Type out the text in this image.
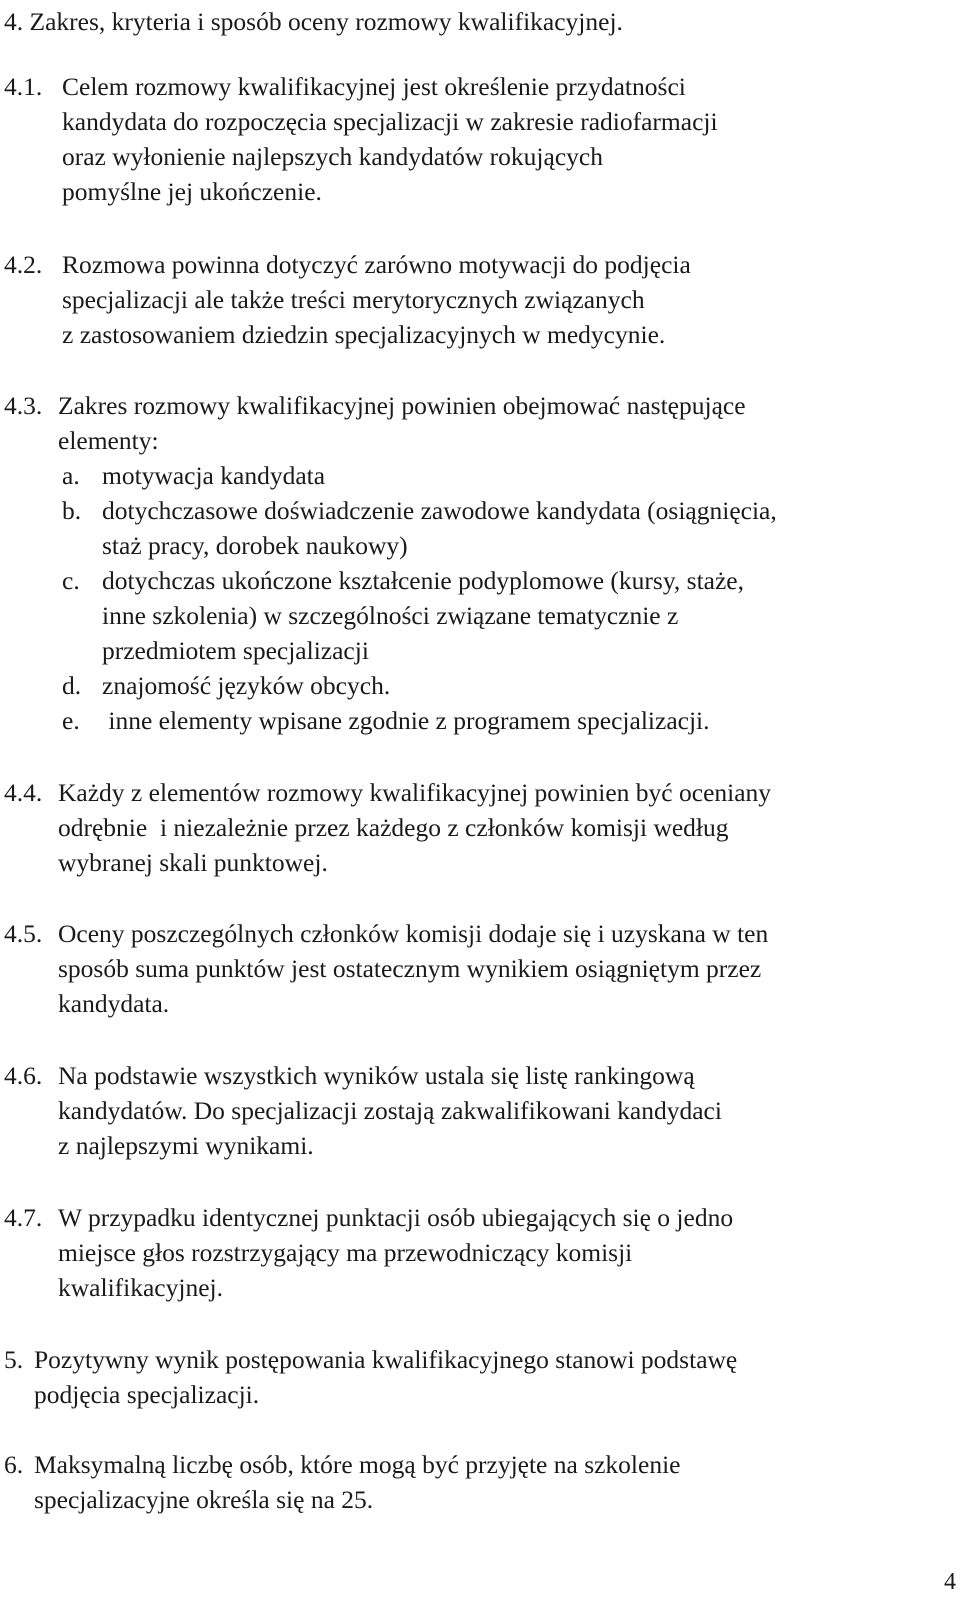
4. Zakres, kryteria i sposób oceny rozmowy kwalifikacyjnej.
4.1. Celem rozmowy kwalifikacyjnej jest określenie przydatności
kandydata do rozpoczęcia specjalizacji w zakresie radiofarmacji
oraz wyłonienie najlepszych kandydatów rokujących
pomyślne jej ukończenie.
4.2. Rozmowa powinna dotyczyć zarówno motywacji do podjęcia
specjalizacji ale także treści merytorycznych związanych
z zastosowaniem dziedzin specjalizacyjnych w medycynie.
4.3. Zakres rozmowy kwalifikacyjnej powinien obejmować następujące
elementy:
a. motywacja kandydata
b. dotychczasowe doświadczenie zawodowe kandydata (osiągnięcia,
staż pracy, dorobek naukowy)
c. dotychczas ukończone kształcenie podyplomowe (kursy, staże,
inne szkolenia) w szczególności związane tematycznie z
przedmiotem specjalizacji
d. znajomość języków obcych.
e. inne elementy wpisane zgodnie z programem specjalizacji.
4.4. Każdy z elementów rozmowy kwalifikacyjnej powinien być oceniany
odrębnie  i niezależnie przez każdego z członków komisji według
wybranej skali punktowej.
4.5. Oceny poszczególnych członków komisji dodaje się i uzyskana w ten
sposób suma punktów jest ostatecznym wynikiem osiągniętym przez
kandydata.
4.6. Na podstawie wszystkich wyników ustala się listę rankingową
kandydatów. Do specjalizacji zostają zakwalifikowani kandydaci
z najlepszymi wynikami.
4.7. W przypadku identycznej punktacji osób ubiegających się o jedno
miejsce głos rozstrzygający ma przewodniczący komisji
kwalifikacyjnej.
5. Pozytywny wynik postępowania kwalifikacyjnego stanowi podstawę
podjęcia specjalizacji.
6. Maksymalną liczbę osób, które mogą być przyjęte na szkolenie
specjalizacyjne określa się na 25.
4
